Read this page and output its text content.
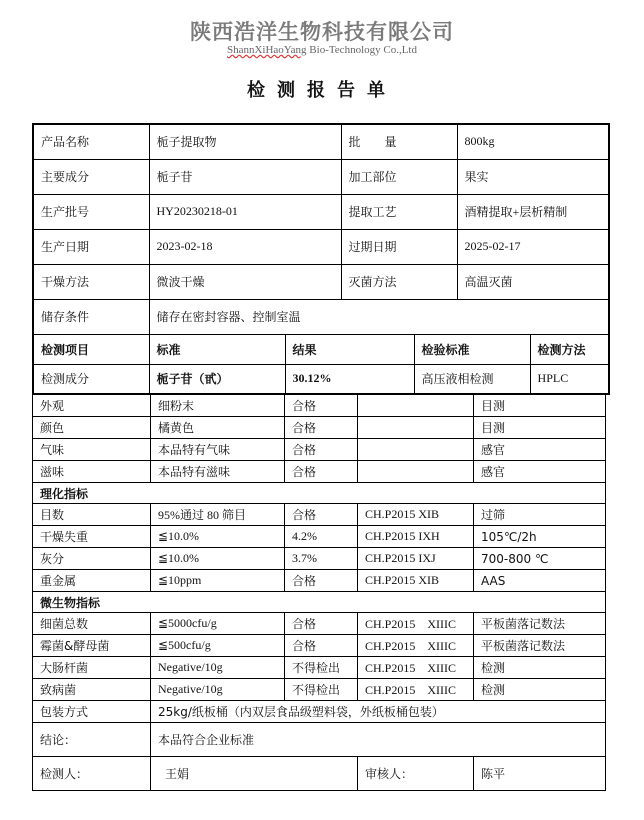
陕西浩洋生物科技有限公司
ShannXiHaoYang Bio-Technology Co.,Ltd
检测报告单
产品名称	栀子提取物		批　　量		800kg	
主要成分	栀子苷		加工部位		果实	
生产批号	HY20230218-01		提取工艺		酒精提取+层析精制	
生产日期	2023-02-18		过期日期		2025-02-17	
干燥方法	微波干燥		灭菌方法		高温灭菌	
储存条件	储存在密封容器、控制室温					
检测项目	标准	结果		检验标准		检测方法
检测成分	栀子苷（甙）	30.12%		高压液相检测		HPLC
外观	细粉末	合格		目测
颜色	橘黄色	合格		目测
气味	本品特有气味	合格		感官
滋味	本品特有滋味	合格		感官
理化指标				
目数	95%通过 80 筛目	合格	CH.P2015 XIB	过筛
干燥失重	≦10.0%	4.2%	CH.P2015 IXH	105℃/2h
灰分	≦10.0%	3.7%	CH.P2015 IXJ	700-800 ℃
重金属	≦10ppm	合格	CH.P2015 XIB	AAS
微生物指标				
细菌总数	≦5000cfu/g	合格	CH.P2015　XIIIC	平板菌落记数法
霉菌&酵母菌	≦500cfu/g	合格	CH.P2015　XIIIC	平板菌落记数法
大肠杆菌	Negative/10g	不得检出	CH.P2015　XIIIC	检测
致病菌	Negative/10g	不得检出	CH.P2015　XIIIC	检测
包装方式	25kg/纸板桶（内双层食品级塑料袋，外纸板桶包装）			
结论：	本品符合企业标准			
检测人：	王娟		审核人：	陈平
